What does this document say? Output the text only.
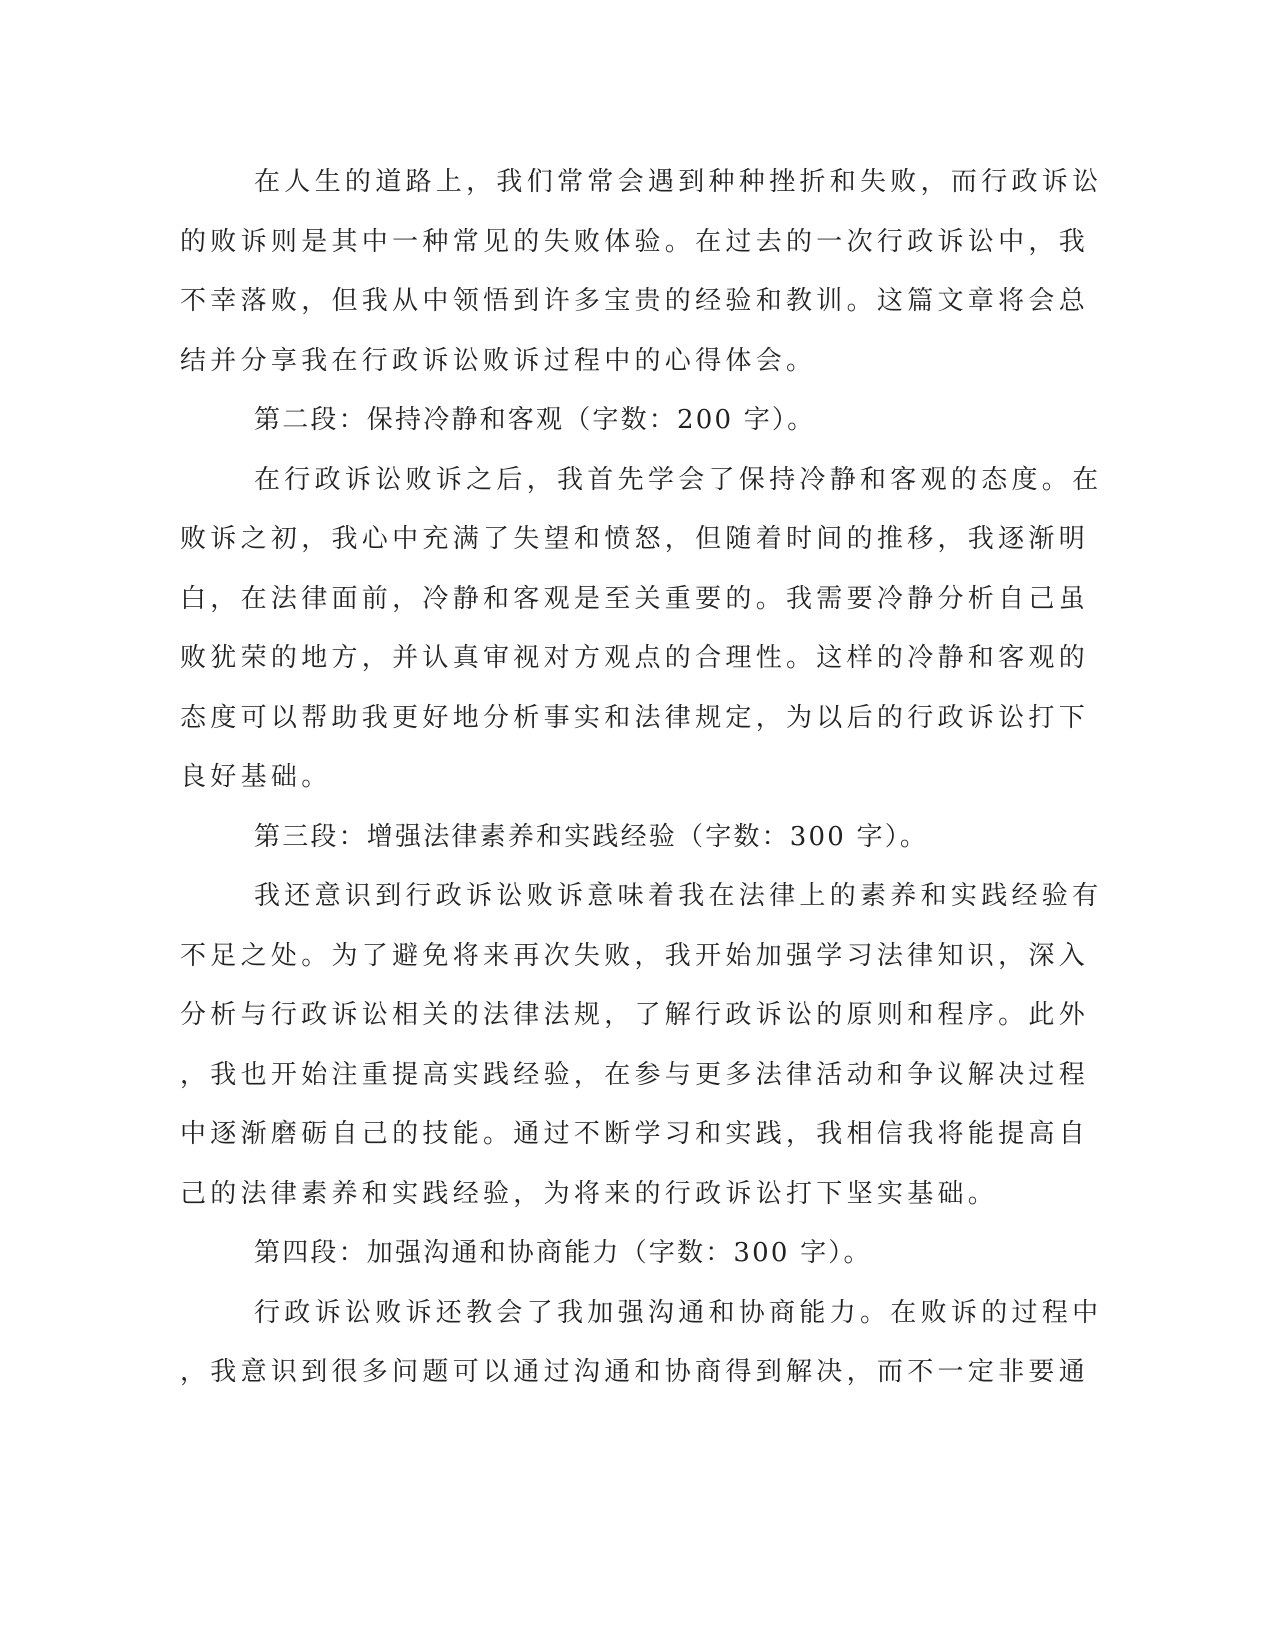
在人生的道路上，我们常常会遇到种种挫折和失败，而行政诉讼
的败诉则是其中一种常见的失败体验。在过去的一次行政诉讼中，我
不幸落败，但我从中领悟到许多宝贵的经验和教训。这篇文章将会总
结并分享我在行政诉讼败诉过程中的心得体会。
第二段：保持冷静和客观（字数：200 字）。
在行政诉讼败诉之后，我首先学会了保持冷静和客观的态度。在
败诉之初，我心中充满了失望和愤怒，但随着时间的推移，我逐渐明
白，在法律面前，冷静和客观是至关重要的。我需要冷静分析自己虽
败犹荣的地方，并认真审视对方观点的合理性。这样的冷静和客观的
态度可以帮助我更好地分析事实和法律规定，为以后的行政诉讼打下
良好基础。
第三段：增强法律素养和实践经验（字数：300 字）。
我还意识到行政诉讼败诉意味着我在法律上的素养和实践经验有
不足之处。为了避免将来再次失败，我开始加强学习法律知识，深入
分析与行政诉讼相关的法律法规，了解行政诉讼的原则和程序。此外
，我也开始注重提高实践经验，在参与更多法律活动和争议解决过程
中逐渐磨砺自己的技能。通过不断学习和实践，我相信我将能提高自
己的法律素养和实践经验，为将来的行政诉讼打下坚实基础。
第四段：加强沟通和协商能力（字数：300 字）。
行政诉讼败诉还教会了我加强沟通和协商能力。在败诉的过程中
，我意识到很多问题可以通过沟通和协商得到解决，而不一定非要通
